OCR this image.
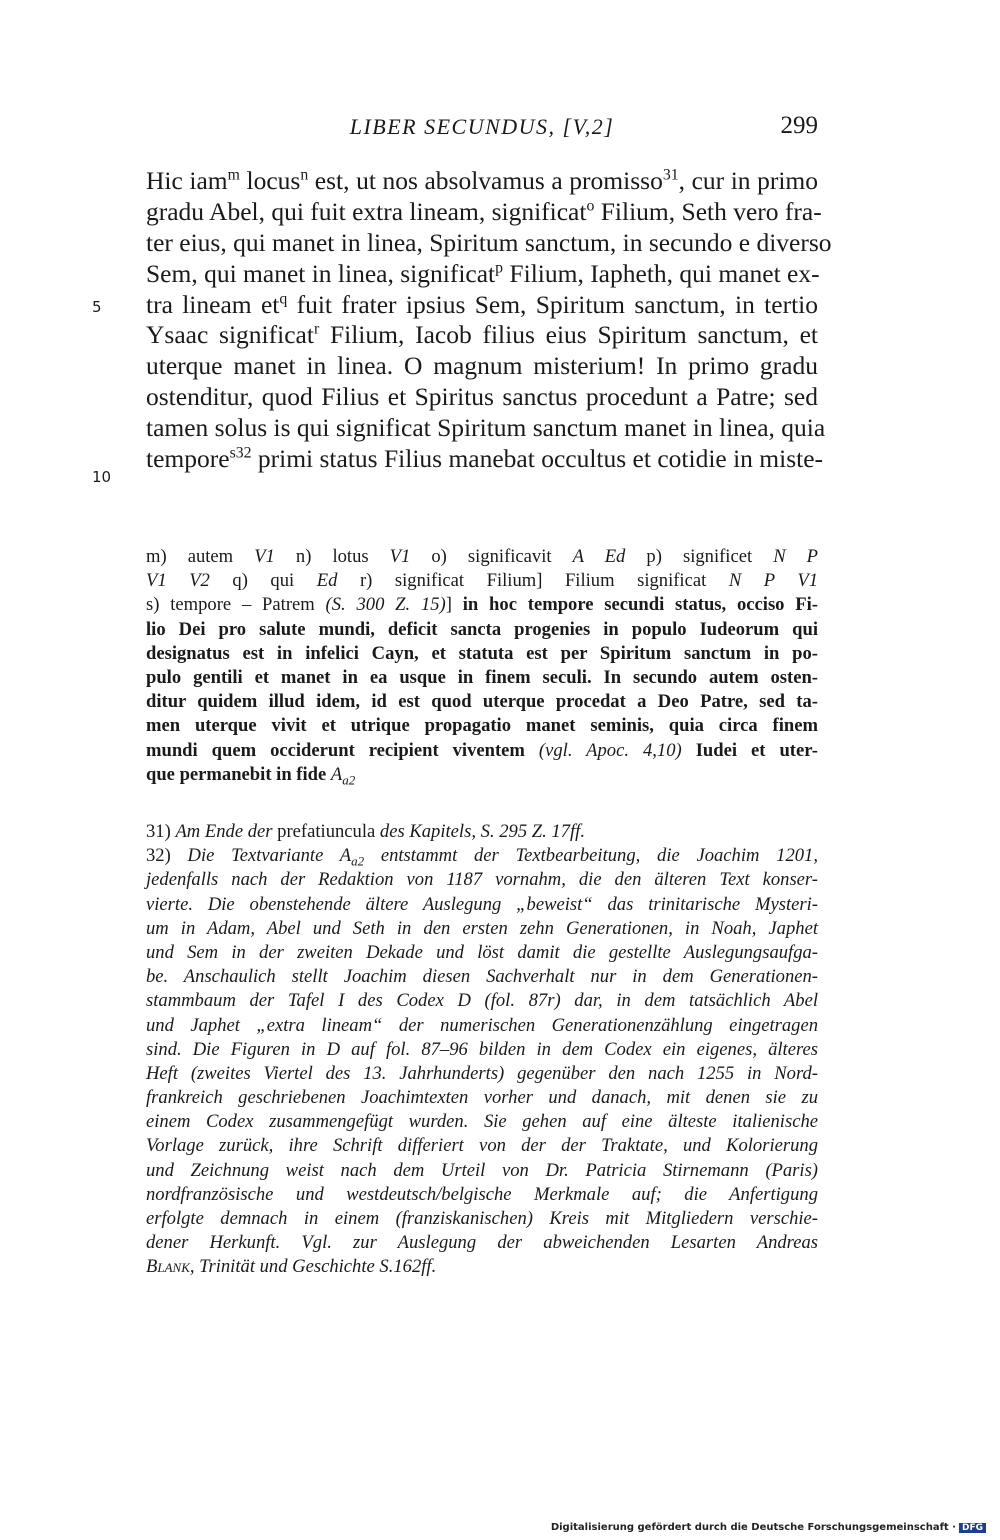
LIBER SECUNDUS, [V,2]	299
5
10
Hic iam$^m$ locus$^n$ est, ut nos absolvamus a promisso$^{31}$, cur in primo
gradu Abel, qui fuit extra lineam, significat$^o$ Filium, Seth vero fra-
ter eius, qui manet in linea, Spiritum sanctum, in secundo e diverso
Sem, qui manet in linea, significat$^p$ Filium, Iapheth, qui manet ex-
tra lineam $et^q$ fuit frater ipsius Sem, Spiritum sanctum, in tertio
Ysaac significat$^r$ Filium, Iacob filius eius Spiritum sanctum, et
uterque manet in linea. O magnum misterium! In primo gradu
ostenditur, quod Filius et Spiritus sanctus procedunt a Patre; sed
tamen solus is qui significat Spiritum sanctum manet in linea, quia
tempore$^{s32}$ primi status Filius manebat occultus et cotidie in miste-
m) autem V1 n) lotus V1 o) significavit A Ed p) significet N P
V1 V2 q) qui Ed r) significat Filium] Filium significat N P V1
s) tempore – Patrem (S. 300 Z. 15)] in hoc tempore secundi status, occiso Fi-
lio Dei pro salute mundi, deficit sancta progenies in populo Iudeorum qui
designatus est in infelici Cayn, et statuta est per Spiritum sanctum in po-
pulo gentili et manet in ea usque in finem seculi. In secundo autem osten-
ditur quidem illud idem, id est quod uterque procedat a Deo Patre, sed ta-
men uterque vivit et utrique propagatio manet seminis, quia circa finem
mundi quem occiderunt recipient viventem (vgl. Apoc. 4,10) Iudei et uter-
que permanebit in fide $A_{a2}$
31) Am Ende der prefatiuncula des Kapitels, S. 295 Z. 17ff.
32) Die Textvariante $A_{a2}$ entstammt der Textbearbeitung, die Joachim 1201,
jedenfalls nach der Redaktion von 1187 vornahm, die den älteren Text konser-
vierte. Die obenstehende ältere Auslegung „beweist“ das trinitarische Mysteri-
um in Adam, Abel und Seth in den ersten zehn Generationen, in Noah, Japhet
und Sem in der zweiten Dekade und löst damit die gestellte Auslegungsaufga-
be. Anschaulich stellt Joachim diesen Sachverhalt nur in dem Generationen-
stammbaum der Tafel I des Codex D (fol. 87r) dar, in dem tatsächlich Abel
und Japhet „extra lineam“ der numerischen Generationenzählung eingetragen
sind. Die Figuren in D auf fol. 87–96 bilden in dem Codex ein eigenes, älteres
Heft (zweites Viertel des 13. Jahrhunderts) gegenüber den nach 1255 in Nord-
frankreich geschriebenen Joachimtexten vorher und danach, mit denen sie zu
einem Codex zusammengefügt wurden. Sie gehen auf eine älteste italienische
Vorlage zurück, ihre Schrift differiert von der der Traktate, und Kolorierung
und Zeichnung weist nach dem Urteil von Dr. Patricia Stirnemann (Paris)
nordfranzösische und westdeutsch/belgische Merkmale auf; die Anfertigung
erfolgte demnach in einem (franziskanischen) Kreis mit Mitgliedern verschie-
dener Herkunft. Vgl. zur Auslegung der abweichenden Lesarten Andreas
Blank, Trinität und Geschichte S.162ff.
Digitalisierung gefördert durch die Deutsche Forschungsgemeinschaft · DFG
